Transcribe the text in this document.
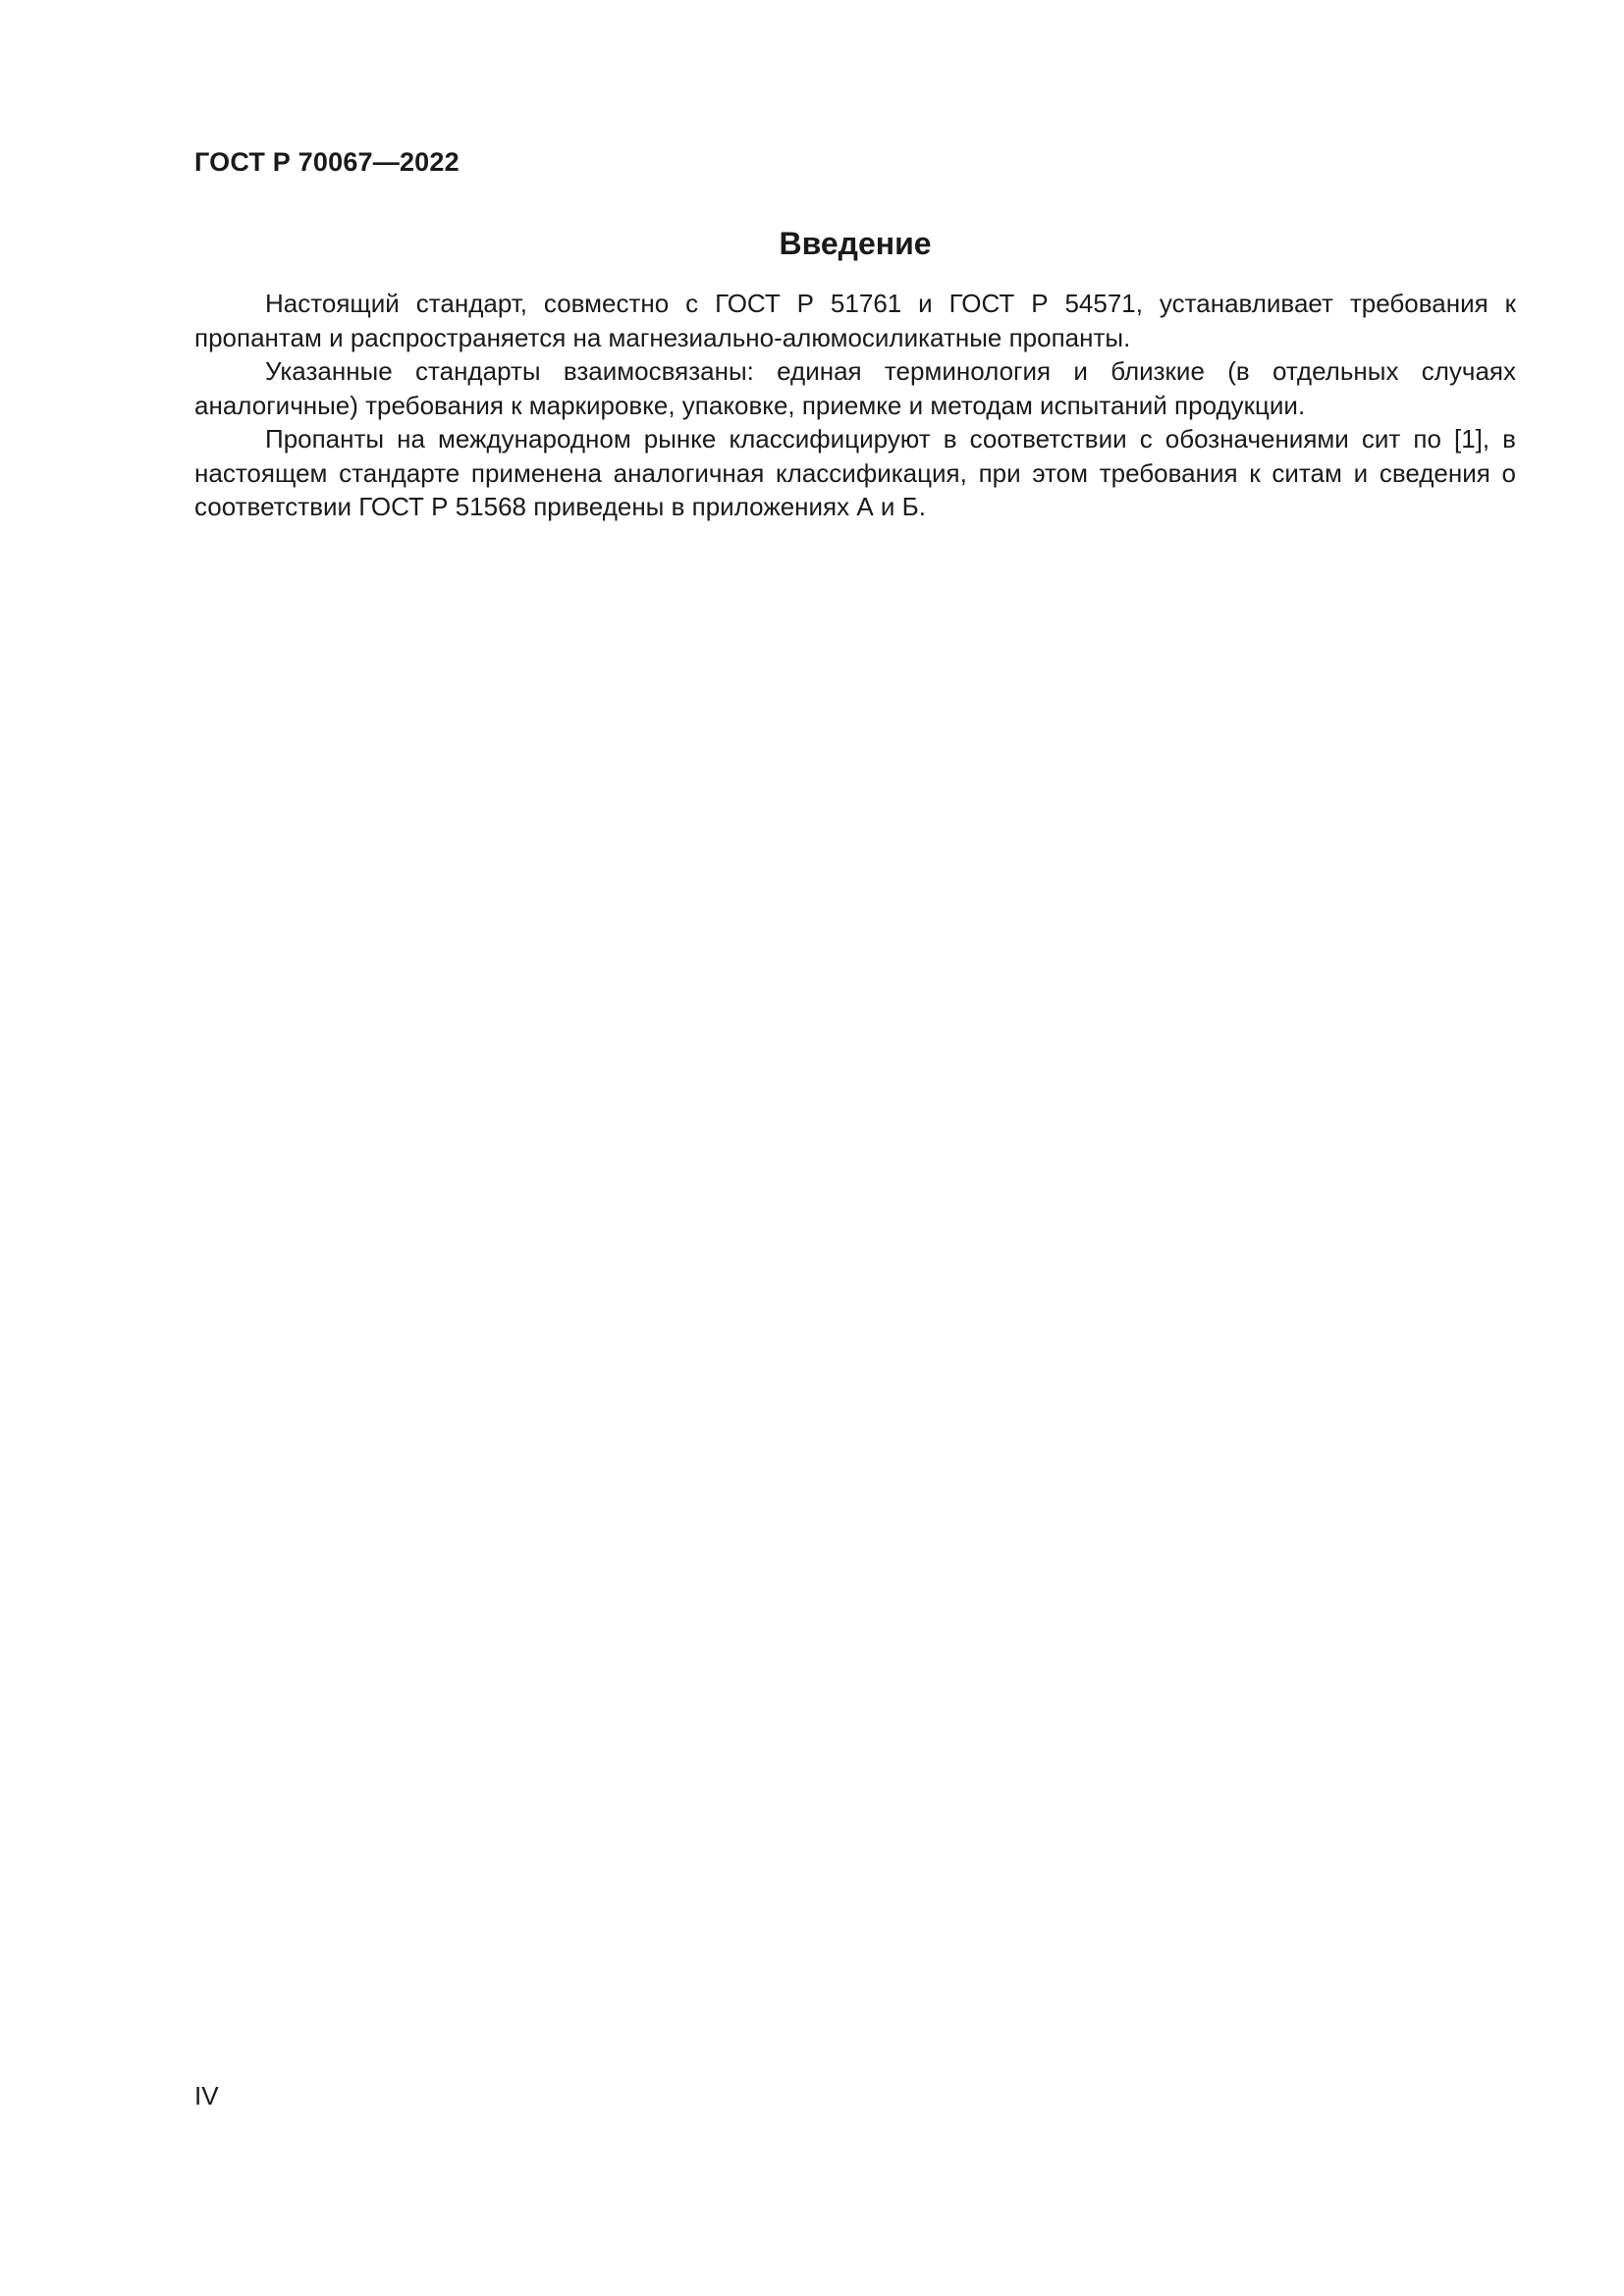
ГОСТ Р 70067—2022
Введение

Настоящий стандарт, совместно с ГОСТ Р 51761 и ГОСТ Р 54571, устанавливает требования к пропантам и распространяется на магнезиально-алюмосиликатные пропанты.

Указанные стандарты взаимосвязаны: единая терминология и близкие (в отдельных случаях аналогичные) требования к маркировке, упаковке, приемке и методам испытаний продукции.

Пропанты на международном рынке классифицируют в соответствии с обозначениями сит по [1], в настоящем стандарте применена аналогичная классификация, при этом требования к ситам и сведения о соответствии ГОСТ Р 51568 приведены в приложениях А и Б.

IV
